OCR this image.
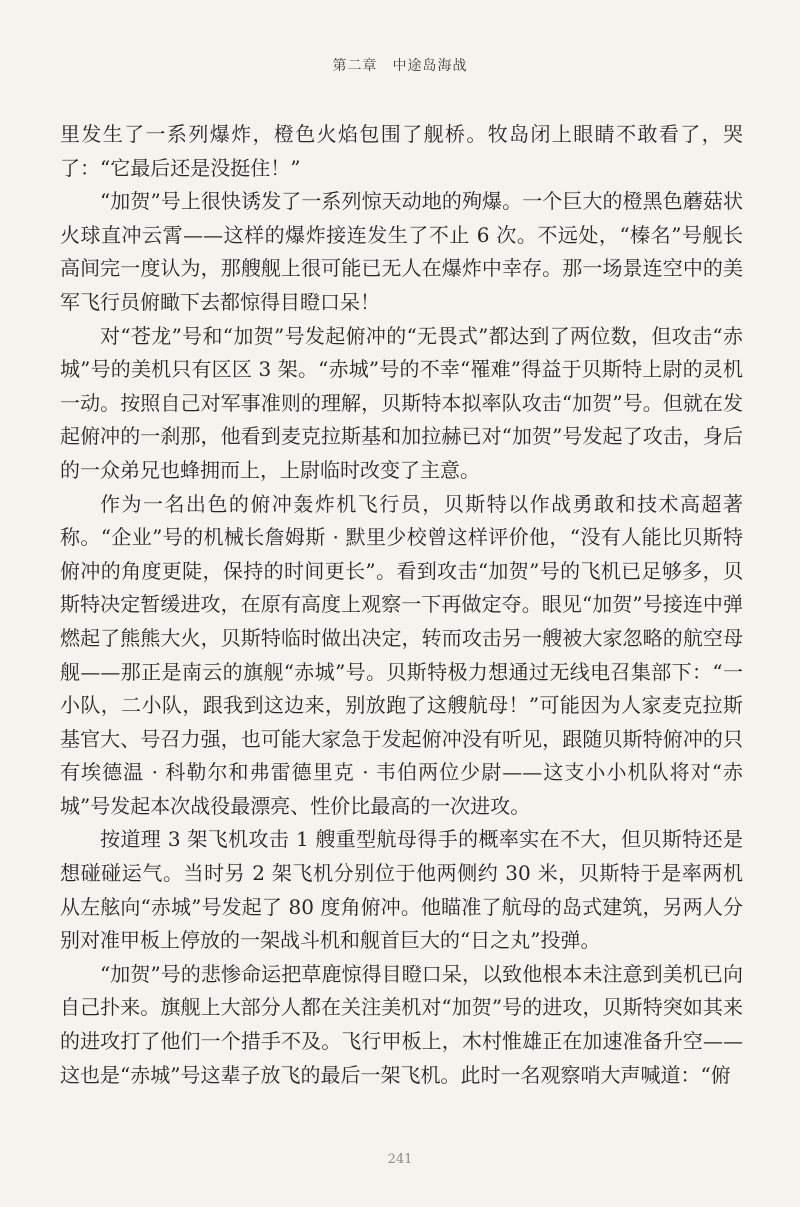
第二章　中途岛海战

里发生了一系列爆炸，橙色火焰包围了舰桥。牧岛闭上眼睛不敢看了，哭了：“它最后还是没挺住！”

“加贺”号上很快诱发了一系列惊天动地的殉爆。一个巨大的橙黑色蘑菇状火球直冲云霄——这样的爆炸接连发生了不止 6 次。不远处，“榛名”号舰长高间完一度认为，那艘舰上很可能已无人在爆炸中幸存。那一场景连空中的美军飞行员俯瞰下去都惊得目瞪口呆！

对“苍龙”号和“加贺”号发起俯冲的“无畏式”都达到了两位数，但攻击“赤城”号的美机只有区区 3 架。“赤城”号的不幸“罹难”得益于贝斯特上尉的灵机一动。按照自己对军事准则的理解，贝斯特本拟率队攻击“加贺”号。但就在发起俯冲的一刹那，他看到麦克拉斯基和加拉赫已对“加贺”号发起了攻击，身后的一众弟兄也蜂拥而上，上尉临时改变了主意。

作为一名出色的俯冲轰炸机飞行员，贝斯特以作战勇敢和技术高超著称。“企业”号的机械长詹姆斯 · 默里少校曾这样评价他，“没有人能比贝斯特俯冲的角度更陡，保持的时间更长”。看到攻击“加贺”号的飞机已足够多，贝斯特决定暂缓进攻，在原有高度上观察一下再做定夺。眼见“加贺”号接连中弹燃起了熊熊大火，贝斯特临时做出决定，转而攻击另一艘被大家忽略的航空母舰——那正是南云的旗舰“赤城”号。贝斯特极力想通过无线电召集部下：“一小队，二小队，跟我到这边来，别放跑了这艘航母！”可能因为人家麦克拉斯基官大、号召力强，也可能大家急于发起俯冲没有听见，跟随贝斯特俯冲的只有埃德温 · 科勒尔和弗雷德里克 · 韦伯两位少尉——这支小小机队将对“赤城”号发起本次战役最漂亮、性价比最高的一次进攻。

按道理 3 架飞机攻击 1 艘重型航母得手的概率实在不大，但贝斯特还是想碰碰运气。当时另 2 架飞机分别位于他两侧约 30 米，贝斯特于是率两机从左舷向“赤城”号发起了 80 度角俯冲。他瞄准了航母的岛式建筑，另两人分别对准甲板上停放的一架战斗机和舰首巨大的“日之丸”投弹。

“加贺”号的悲惨命运把草鹿惊得目瞪口呆，以致他根本未注意到美机已向自己扑来。旗舰上大部分人都在关注美机对“加贺”号的进攻，贝斯特突如其来的进攻打了他们一个措手不及。飞行甲板上，木村惟雄正在加速准备升空——这也是“赤城”号这辈子放飞的最后一架飞机。此时一名观察哨大声喊道：“俯

241
